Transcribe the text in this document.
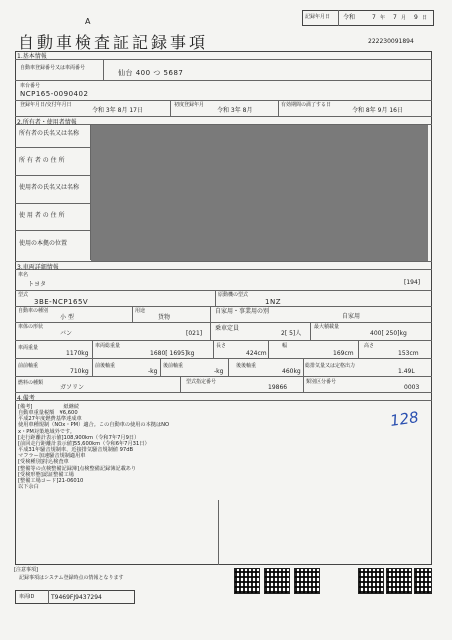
A	記録年月日 令和	7 年 7 月 9 日
自動車検査証記録事項	222230091894
1.基本情報
自動車登録番号又は車両番号
仙台 400 つ 5687
車台番号
NCP165-0090402
登録年月日/交付年月日
令和 3年 8月 17日
初度登録年月
令和 3年 8月
有効期間の満了する日
令和 8年 9月 16日
2.所有者・使用者情報
所有者の氏名又は名称
所 有 者 の 住 所
使用者の氏名又は名称
使 用 者 の 住 所
使用の本拠の位置
3.車両詳細情報
車名
トヨタ	[194]
型式
3BE-NCP165V
原動機の型式
1NZ
自動車の種別
小 型
用途
貨物
自家用・事業用の別
自家用
車体の形状
バン	[021]
乗車定員
2[ 5]人
最大積載量
400[ 250]kg
車両重量
1170kg
車両総重量
1680[ 1695]kg
長さ
424cm
幅
169cm
高さ
153cm
前前軸重
710kg
前後軸重
-kg
後前軸重
-kg
後後軸重
460kg
総排気量又は定格出力
1.49L
燃料の種類
ガソリン
型式指定番号
19866
類別区分番号
0003
4.備考
[備考]　　　　　　紙継続
自動車重量税額　¥6,600
平成27年度燃費基準達成車
使用車種規制（NOx・PM）適合。この自動車の使用の本拠はNO
x・PM対策地域外です。
[走行距離計表示値]108,900km（令和7年7月9日）
[前回走行距離計表示値]55,600km（令和6年7月31日）
平成31年騒音規制車、近接排気騒音規制値 97dB
マフラー加速騒音規制適用車
[受検種別]持込検査車
[整備等の点検整備記録簿]点検整備記録簿記載あり
[受検形態]認証整備工場
[整備工場コード]21-06010
以下余白
128
[注意事項]
記録事項はシステム登録時点の情報となります
車両ID	T9469FJ9437294
